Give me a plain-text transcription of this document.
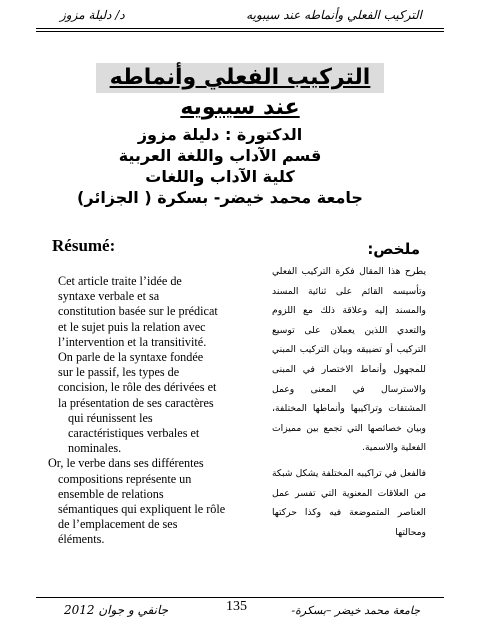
التركيب الفعلي وأنماطه عند سيبويه
د/ دليلة مزوز
التركيب الفعلي وأنماطه عند سيبويه
الدكتورة : دليلة مزوز
قسم الآداب واللغة العربية
كلية الآداب واللغات
جامعة محمد خيضر- بسكرة ( الجزائر)
Résumé:	ملخص:
Cet article traite l’idée de
syntaxe verbale et sa
constitution basée sur le prédicat
et le sujet puis la relation avec
l’intervention et la transitivité.
On parle de la syntaxe fondée
sur le passif, les types de
concision, le rôle des dérivées et
la présentation de ses caractères
qui réunissent les
caractéristiques verbales et
nominales.
Or, le verbe dans ses différentes
compositions représente un
ensemble de relations
sémantiques qui expliquent le rôle
de l’emplacement de ses
éléments.

يطرح هذا المقال فكرة التركيب الفعلي وتأسيسه القائم على ثنائية المسند والمسند إليه وعلاقة ذلك مع اللزوم والتعدي اللذين يعملان على توسيع التركيب أو تضييقه وبيان التركيب المبني للمجهول وأنماط الاختصار في المبنى والاسترسال في المعنى وعمل المشتقات وتراكيبها وأنماطها المختلفة، وبيان خصائصها التي تجمع بين مميزات الفعلية والاسمية.

فالفعل في تراكيبه المختلفة يشكل شبكة من العلاقات المعنوية التي تفسر عمل العناصر المتموضعة فيه وكذا حركتها ومحالتها

جامعة محمد خيضر –بسكرة-
135
جانفي و جوان 2012
